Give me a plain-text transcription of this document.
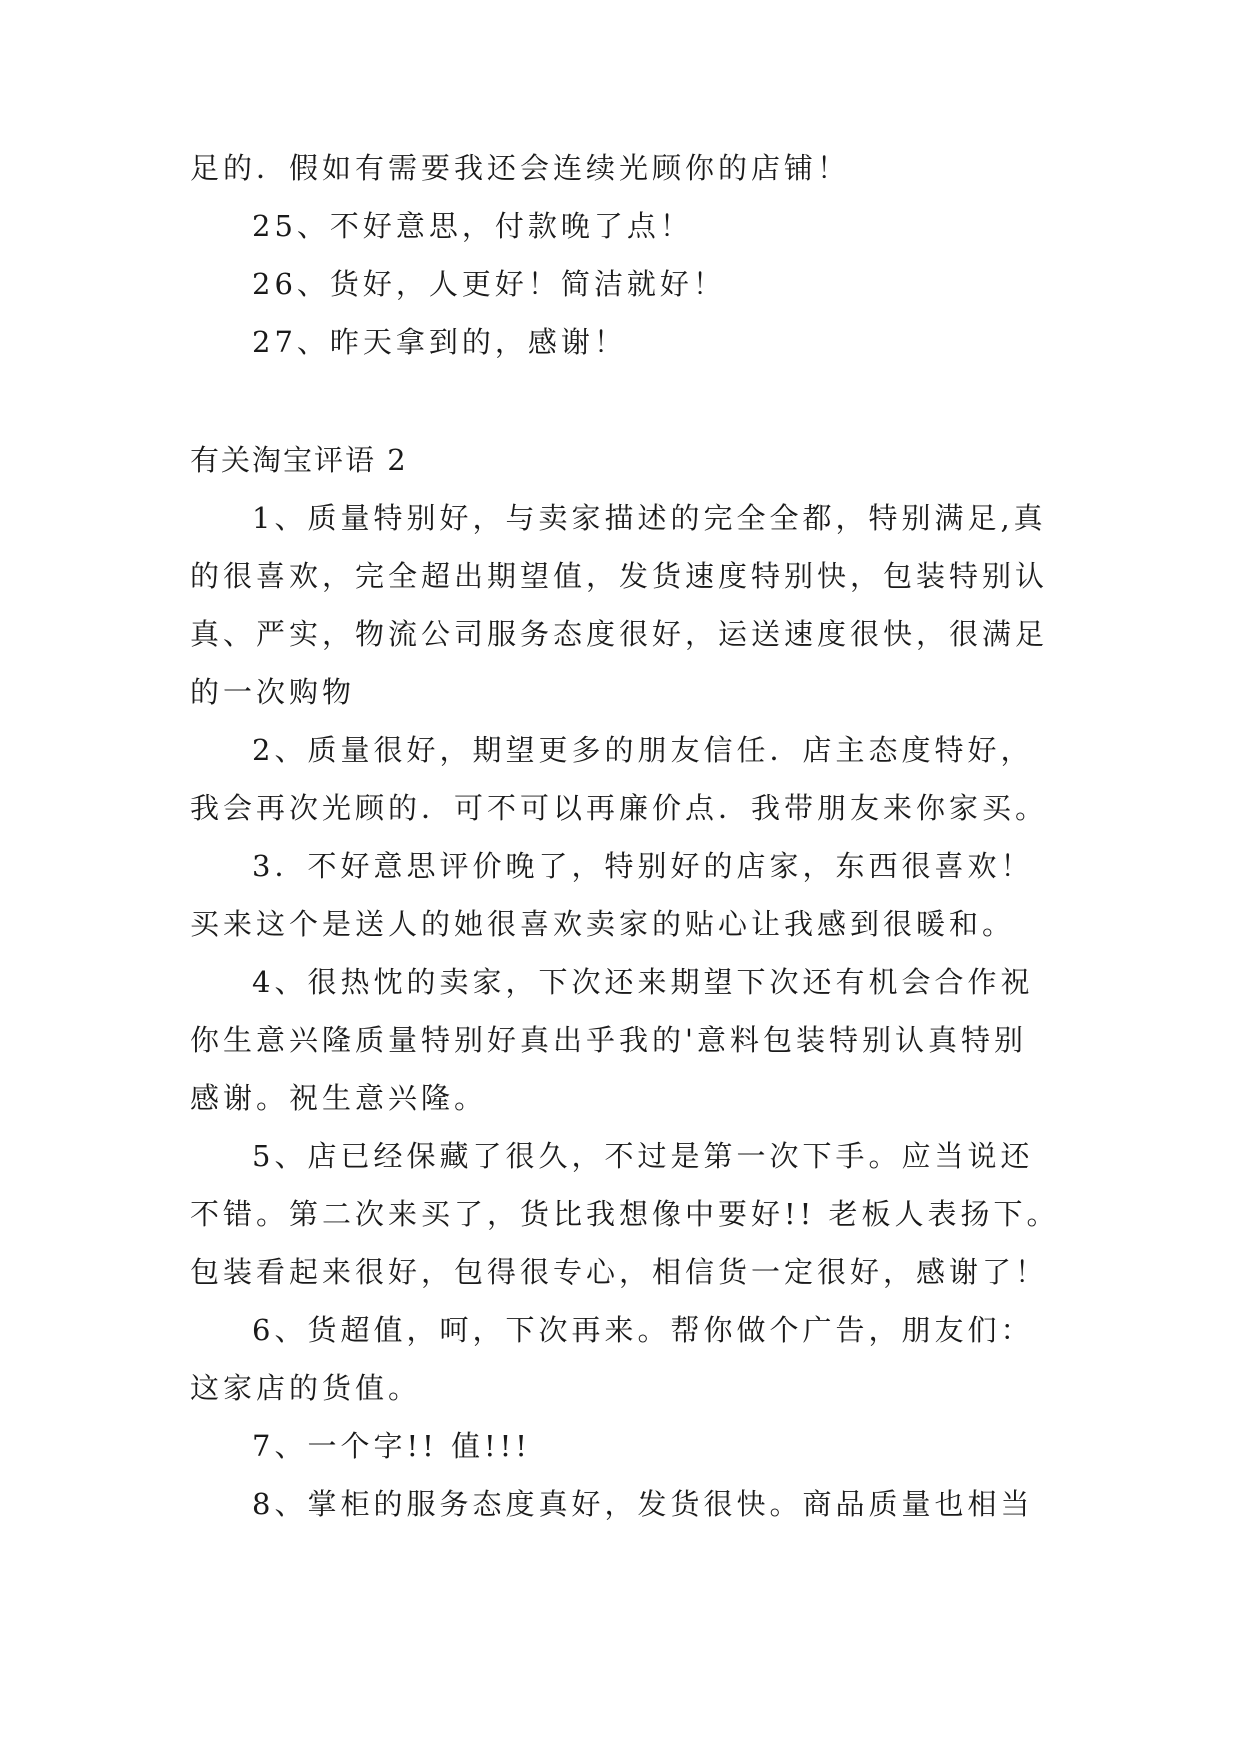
足的．假如有需要我还会连续光顾你的店铺！
25、不好意思，付款晚了点！
26、货好，人更好！简洁就好！
27、昨天拿到的，感谢！
有关淘宝评语 2
1、质量特别好，与卖家描述的完全全都，特别满足,真
的很喜欢，完全超出期望值，发货速度特别快，包装特别认
真、严实，物流公司服务态度很好，运送速度很快，很满足
的一次购物
2、质量很好，期望更多的朋友信任．店主态度特好，
我会再次光顾的．可不可以再廉价点．我带朋友来你家买。
3．不好意思评价晚了，特别好的店家，东西很喜欢！
买来这个是送人的她很喜欢卖家的贴心让我感到很暖和。
4、很热忱的卖家，下次还来期望下次还有机会合作祝
你生意兴隆质量特别好真出乎我的'意料包装特别认真特别
感谢。祝生意兴隆。
5、店已经保藏了很久，不过是第一次下手。应当说还
不错。第二次来买了，货比我想像中要好!! 老板人表扬下。
包装看起来很好，包得很专心，相信货一定很好，感谢了！
6、货超值，呵，下次再来。帮你做个广告，朋友们：
这家店的货值。
7、一个字!! 值!!!
8、掌柜的服务态度真好，发货很快。商品质量也相当
